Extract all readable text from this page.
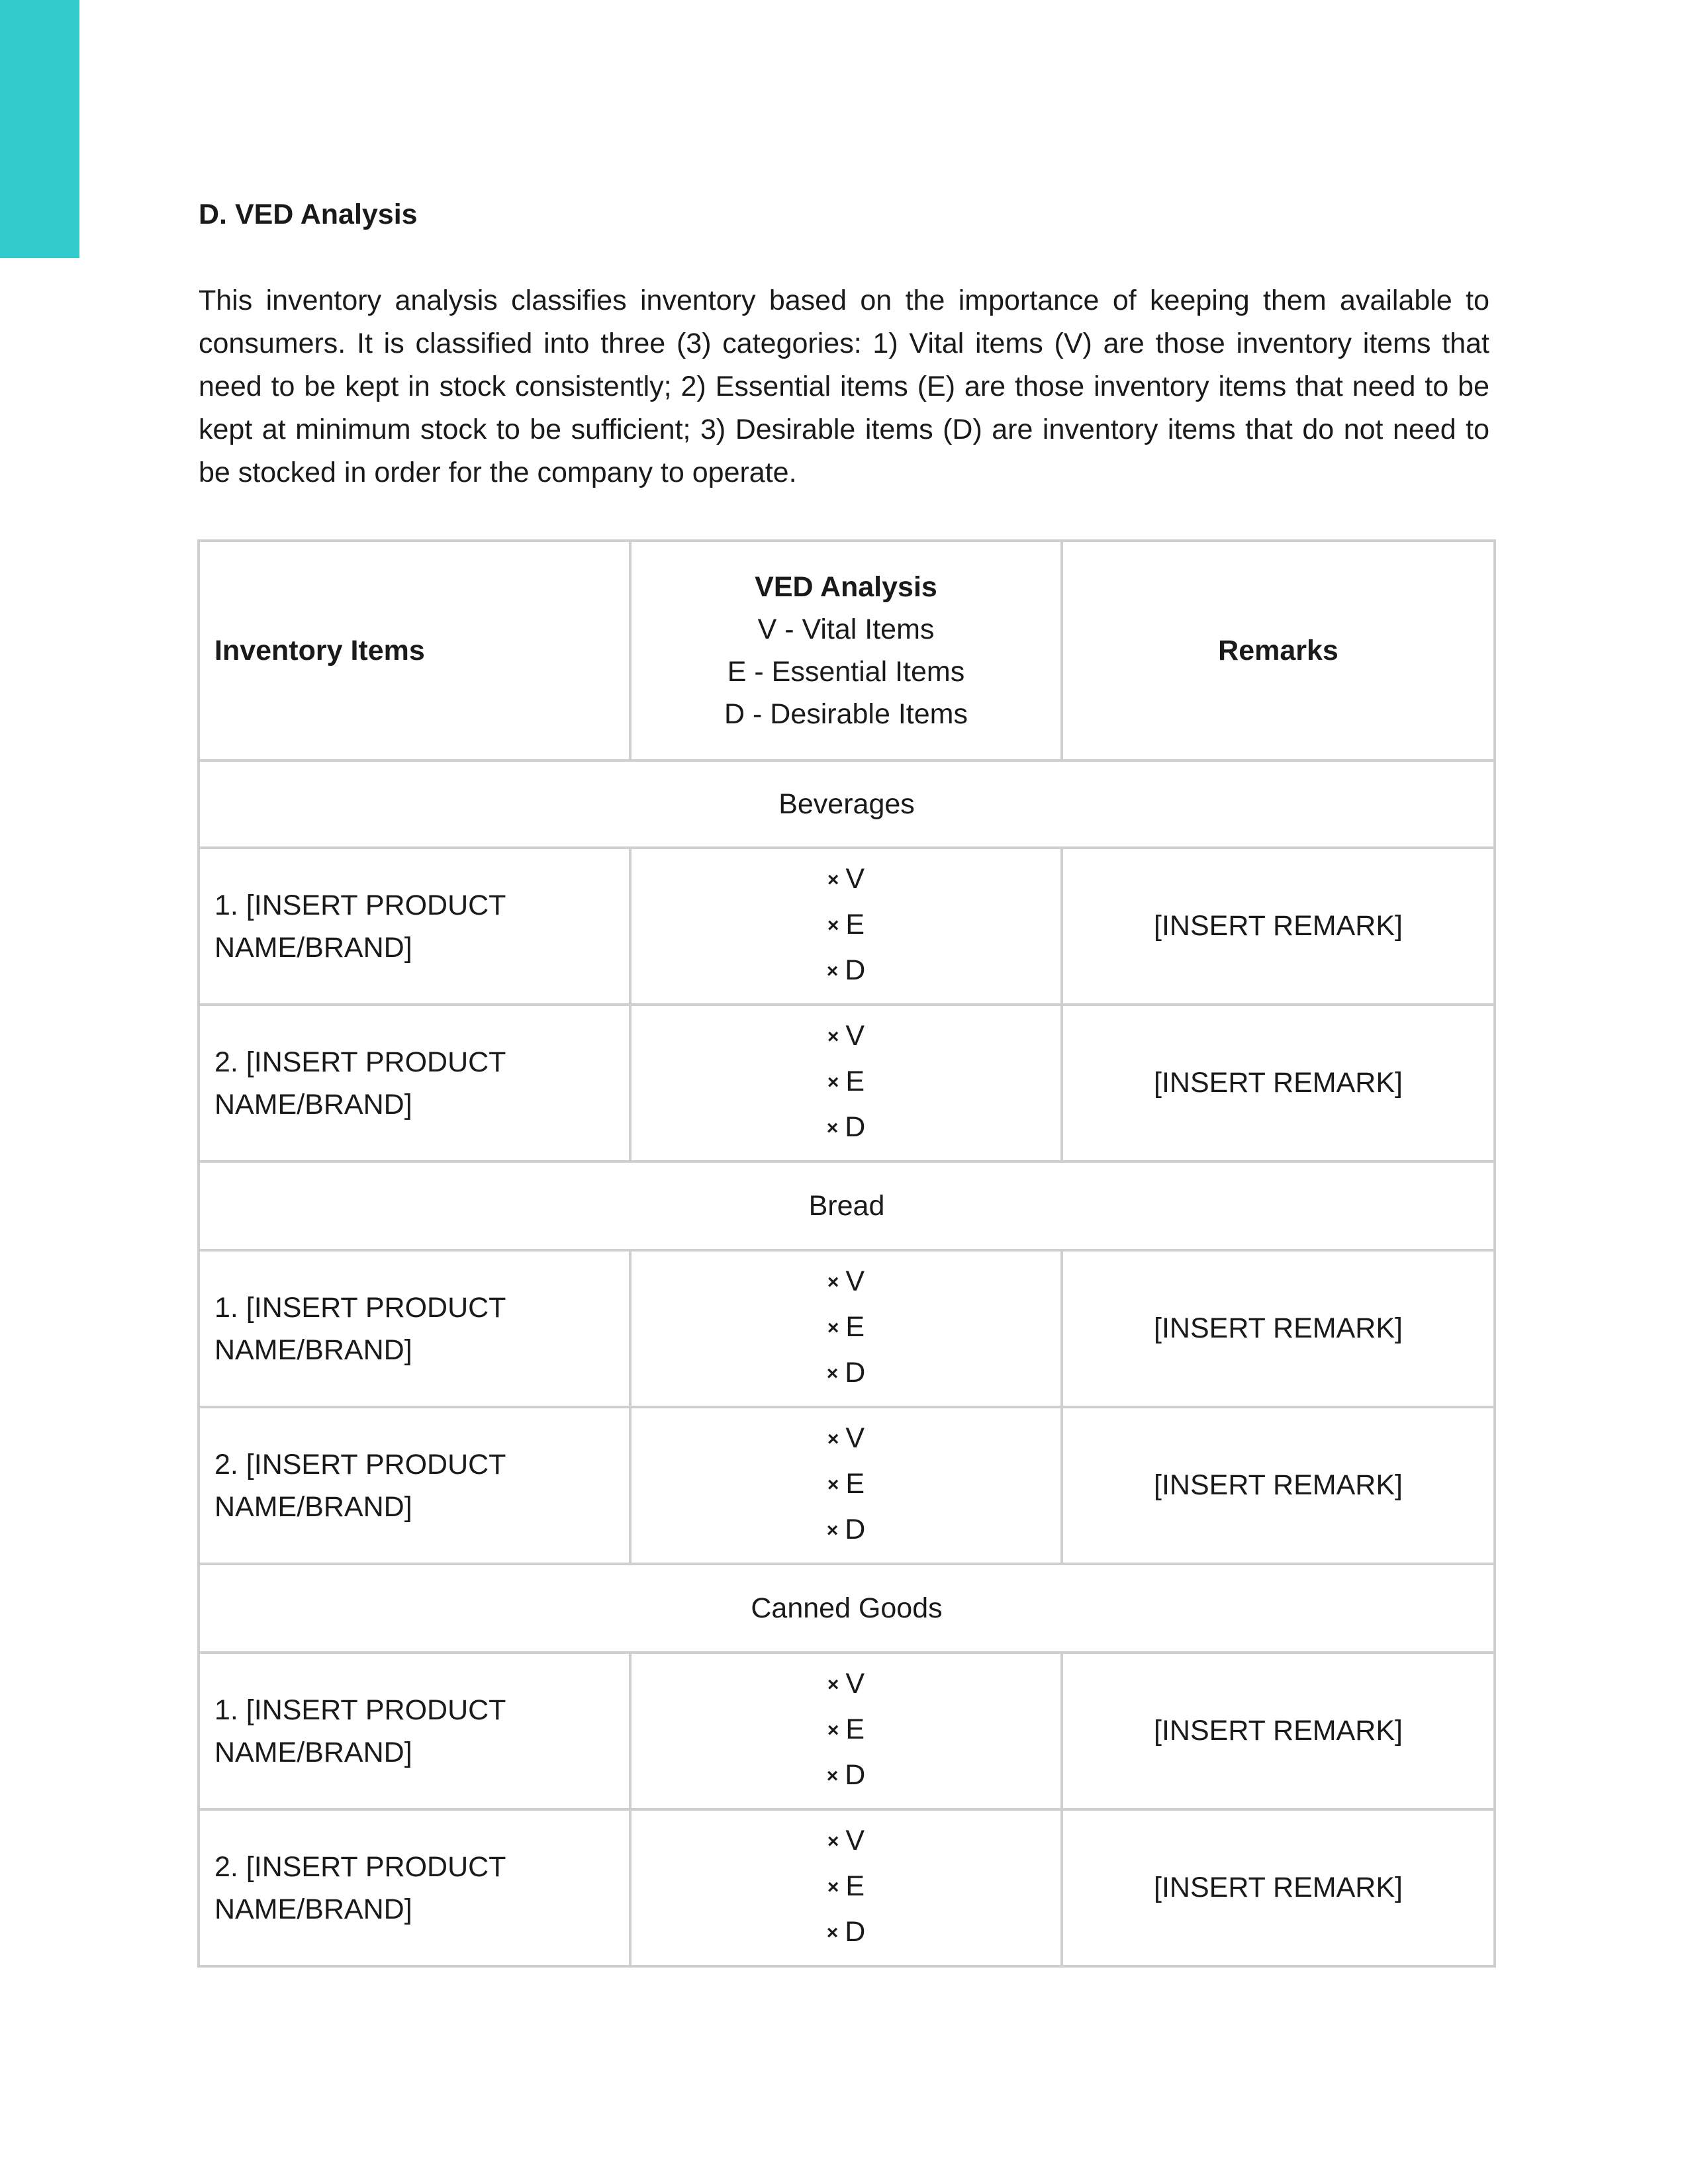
D. VED Analysis

This inventory analysis classifies inventory based on the importance of keeping them available to consumers. It is classified into three (3) categories: 1) Vital items (V) are those inventory items that need to be kept in stock consistently; 2) Essential items (E) are those inventory items that need to be kept at minimum stock to be sufficient; 3) Desirable items (D) are inventory items that do not need to be stocked in order for the company to operate.

Inventory Items	VED Analysis
V - Vital Items
E - Essential Items
D - Desirable Items	Remarks
Beverages		

1. [INSERT PRODUCT
NAME/BRAND]	× V
× E
× D	[INSERT REMARK]

2. [INSERT PRODUCT
NAME/BRAND]	× V
× E
× D	[INSERT REMARK]
Bread		

1. [INSERT PRODUCT
NAME/BRAND]	× V
× E
× D	[INSERT REMARK]

2. [INSERT PRODUCT
NAME/BRAND]	× V
× E
× D	[INSERT REMARK]
Canned Goods		

1. [INSERT PRODUCT
NAME/BRAND]	× V
× E
× D	[INSERT REMARK]

2. [INSERT PRODUCT
NAME/BRAND]	× V
× E
× D	[INSERT REMARK]
